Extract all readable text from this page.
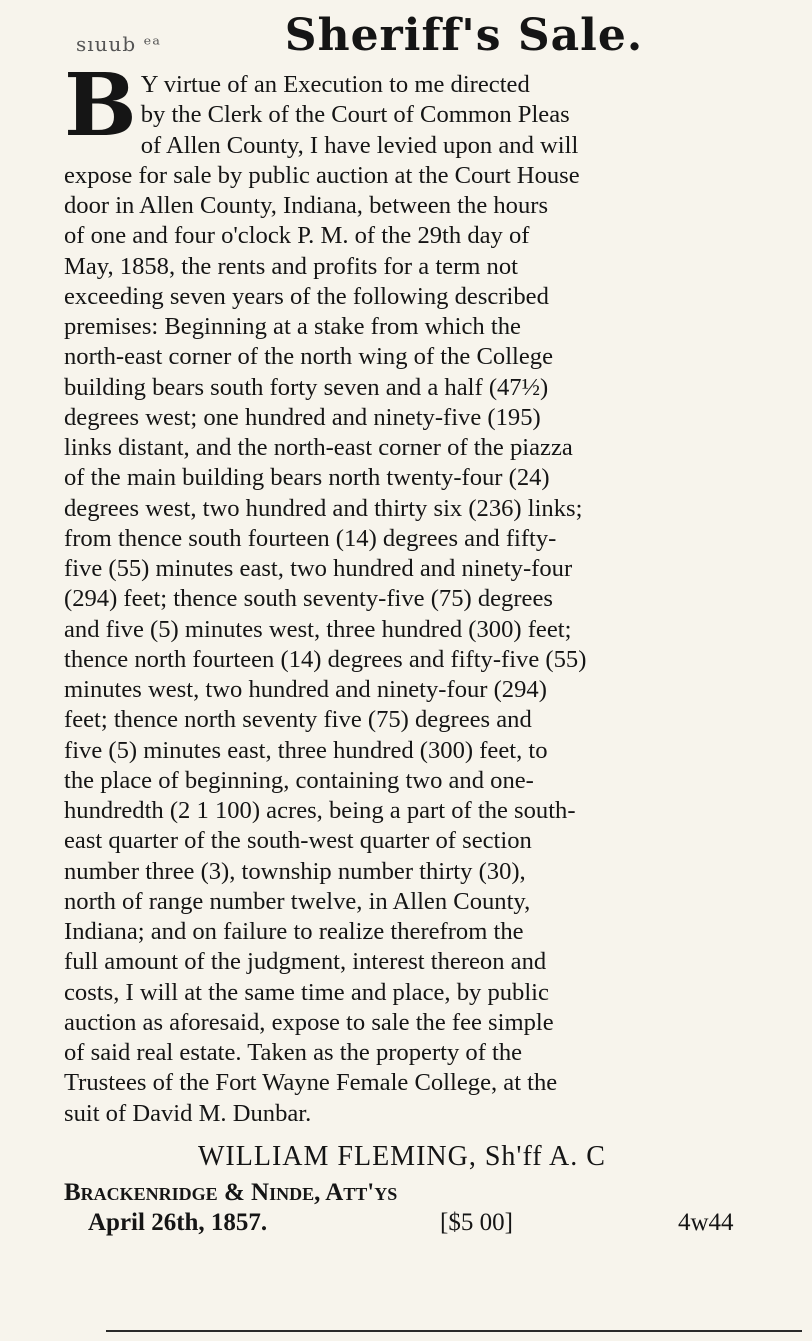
sıuub ᵉᵃ	Sheriff's Sale.
B Y virtue of an Execution to me directed
by the Clerk of the Court of Common Pleas
of Allen County, I have levied upon and will
expose for sale by public auction at the Court House
door in Allen County, Indiana, between the hours
of one and four o'clock P. M. of the 29th day of
May, 1858, the rents and profits for a term not
exceeding seven years of the following described
premises: Beginning at a stake from which the
north-east corner of the north wing of the College
building bears south forty seven and a half (47½)
degrees west; one hundred and ninety-five (195)
links distant, and the north-east corner of the piazza
of the main building bears north twenty-four (24)
degrees west, two hundred and thirty six (236) links;
from thence south fourteen (14) degrees and fifty-
five (55) minutes east, two hundred and ninety-four
(294) feet; thence south seventy-five (75) degrees
and five (5) minutes west, three hundred (300) feet;
thence north fourteen (14) degrees and fifty-five (55)
minutes west, two hundred and ninety-four (294)
feet; thence north seventy five (75) degrees and
five (5) minutes east, three hundred (300) feet, to
the place of beginning, containing two and one-
hundredth (2 1 100) acres, being a part of the south-
east quarter of the south-west quarter of section
number three (3), township number thirty (30),
north of range number twelve, in Allen County,
Indiana; and on failure to realize therefrom the
full amount of the judgment, interest thereon and
costs, I will at the same time and place, by public
auction as aforesaid, expose to sale the fee simple
of said real estate. Taken as the property of the
Trustees of the Fort Wayne Female College, at the
suit of David M. Dunbar.
WILLIAM FLEMING, Sh'ff A. C
Brackenridge & Ninde, Att'ys
April 26th, 1857.	[$5 00]	4w44
